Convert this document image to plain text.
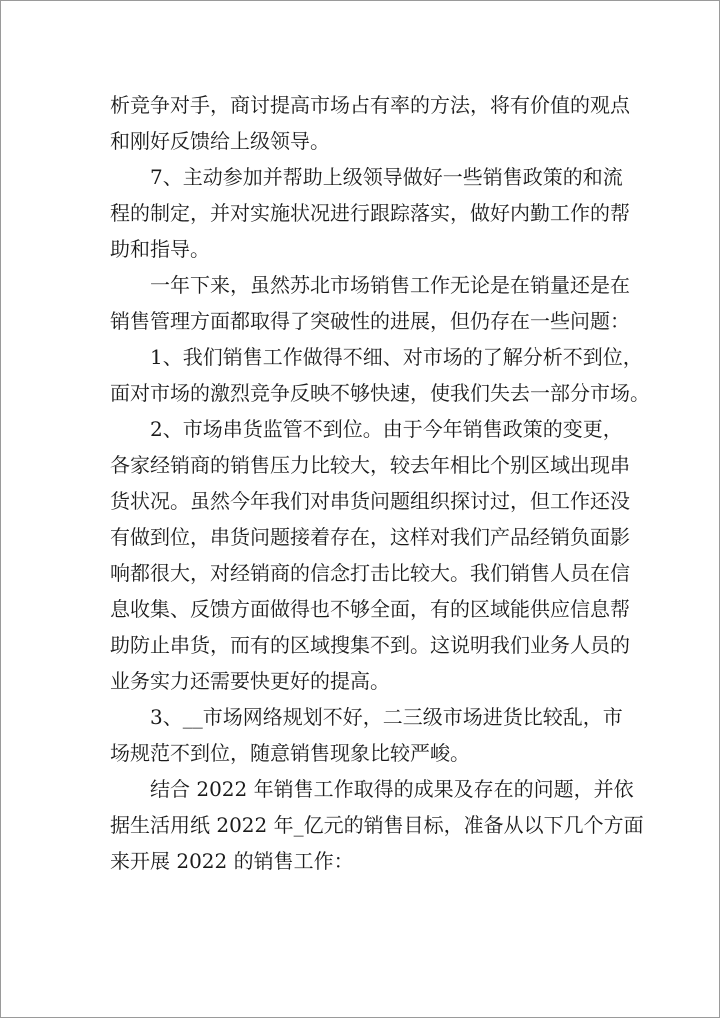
析竞争对手，商讨提高市场占有率的方法，将有价值的观点
和刚好反馈给上级领导。
7、主动参加并帮助上级领导做好一些销售政策的和流
程的制定，并对实施状况进行跟踪落实，做好内勤工作的帮
助和指导。
一年下来，虽然苏北市场销售工作无论是在销量还是在
销售管理方面都取得了突破性的进展，但仍存在一些问题：
1、我们销售工作做得不细、对市场的了解分析不到位，
面对市场的激烈竞争反映不够快速，使我们失去一部分市场。
2、市场串货监管不到位。由于今年销售政策的变更，
各家经销商的销售压力比较大，较去年相比个别区域出现串
货状况。虽然今年我们对串货问题组织探讨过，但工作还没
有做到位，串货问题接着存在，这样对我们产品经销负面影
响都很大，对经销商的信念打击比较大。我们销售人员在信
息收集、反馈方面做得也不够全面，有的区域能供应信息帮
助防止串货，而有的区域搜集不到。这说明我们业务人员的
业务实力还需要快更好的提高。
3、__市场网络规划不好，二三级市场进货比较乱，市
场规范不到位，随意销售现象比较严峻。
结合 2022 年销售工作取得的成果及存在的问题，并依
据生活用纸 2022 年_亿元的销售目标，准备从以下几个方面
来开展 2022 的销售工作：
